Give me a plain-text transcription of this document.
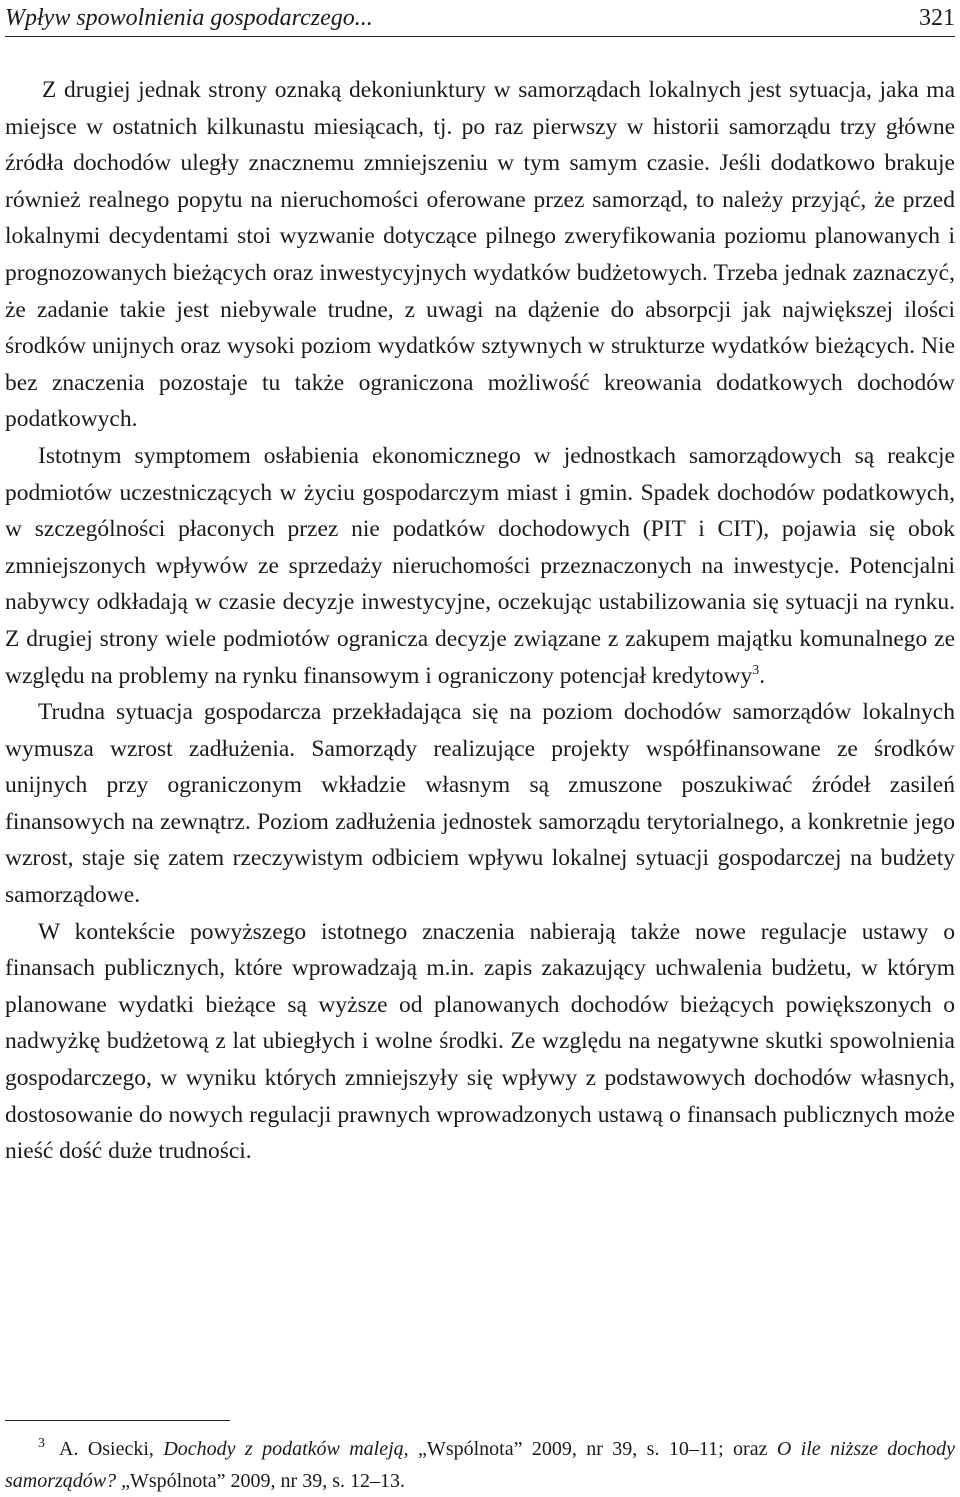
Wpływ spowolnienia gospodarczego...	321

Z drugiej jednak strony oznaką dekoniunktury w samorządach lokalnych jest sytuacja, jaka ma miejsce w ostatnich kilkunastu miesiącach, tj. po raz pierwszy w historii samorządu trzy główne źródła dochodów uległy znacznemu zmniejszeniu w tym samym czasie. Jeśli dodatkowo brakuje również realnego popytu na nieruchomości oferowane przez samorząd, to należy przyjąć, że przed lokalnymi decydentami stoi wyzwanie dotyczące pilnego zweryfikowania poziomu planowanych i prognozowanych bieżących oraz inwestycyjnych wydatków budżetowych. Trzeba jednak zaznaczyć, że zadanie takie jest niebywale trudne, z uwagi na dążenie do absorpcji jak największej ilości środków unijnych oraz wysoki poziom wydatków sztywnych w strukturze wydatków bieżących. Nie bez znaczenia pozostaje tu także ograniczona możliwość kreowania dodatkowych dochodów podatkowych.

Istotnym symptomem osłabienia ekonomicznego w jednostkach samorządowych są reakcje podmiotów uczestniczących w życiu gospodarczym miast i gmin. Spadek dochodów podatkowych, w szczególności płaconych przez nie podatków dochodowych (PIT i CIT), pojawia się obok zmniejszonych wpływów ze sprzedaży nieruchomości przeznaczonych na inwestycje. Potencjalni nabywcy odkładają w czasie decyzje inwestycyjne, oczekując ustabilizowania się sytuacji na rynku. Z drugiej strony wiele podmiotów ogranicza decyzje związane z zakupem majątku komunalnego ze względu na problemy na rynku finansowym i ograniczony potencjał kredytowy$^3$.

Trudna sytuacja gospodarcza przekładająca się na poziom dochodów samorządów lokalnych wymusza wzrost zadłużenia. Samorządy realizujące projekty współfinansowane ze środków unijnych przy ograniczonym wkładzie własnym są zmuszone poszukiwać źródeł zasileń finansowych na zewnątrz. Poziom zadłużenia jednostek samorządu terytorialnego, a konkretnie jego wzrost, staje się zatem rzeczywistym odbiciem wpływu lokalnej sytuacji gospodarczej na budżety samorządowe.

W kontekście powyższego istotnego znaczenia nabierają także nowe regulacje ustawy o finansach publicznych, które wprowadzają m.in. zapis zakazujący uchwalenia budżetu, w którym planowane wydatki bieżące są wyższe od planowanych dochodów bieżących powiększonych o nadwyżkę budżetową z lat ubiegłych i wolne środki. Ze względu na negatywne skutki spowolnienia gospodarczego, w wyniku których zmniejszyły się wpływy z podstawowych dochodów własnych, dostosowanie do nowych regulacji prawnych wprowadzonych ustawą o finansach publicznych może nieść dość duże trudności.

3 A. Osiecki, Dochody z podatków maleją, „Wspólnota” 2009, nr 39, s. 10–11; oraz O ile niższe dochody samorządów? „Wspólnota” 2009, nr 39, s. 12–13.
